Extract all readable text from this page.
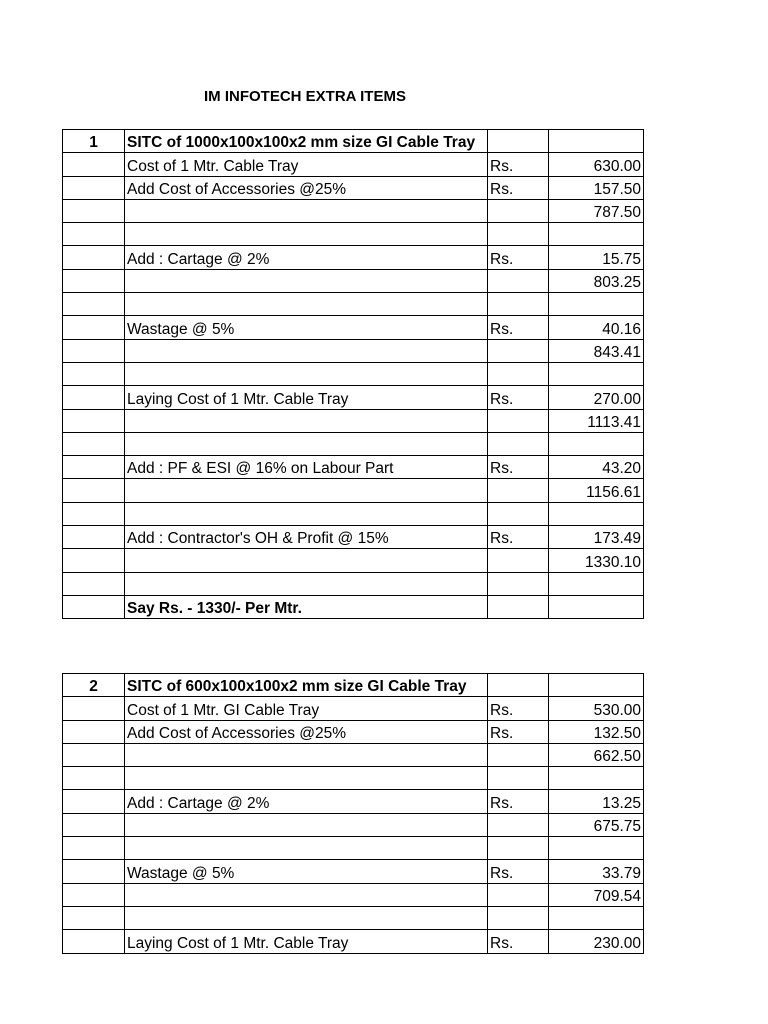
IM INFOTECH EXTRA ITEMS
1	SITC of 1000x100x100x2 mm size GI Cable Tray		
	Cost of 1 Mtr. Cable Tray	Rs.	630.00
	Add Cost of Accessories @25%	Rs.	157.50
			787.50

	Add : Cartage @ 2%	Rs.	15.75
			803.25

	Wastage @ 5%	Rs.	40.16
			843.41

	Laying Cost of 1 Mtr. Cable Tray	Rs.	270.00
			1113.41

	Add : PF & ESI @ 16% on Labour Part	Rs.	43.20
			1156.61

	Add : Contractor's OH & Profit @ 15%	Rs.	173.49
			1330.10

	Say Rs. - 1330/- Per Mtr.		
2	SITC of 600x100x100x2 mm size GI Cable Tray		
	Cost of 1 Mtr. GI Cable Tray	Rs.	530.00
	Add Cost of Accessories @25%	Rs.	132.50
			662.50

	Add : Cartage @ 2%	Rs.	13.25
			675.75

	Wastage @ 5%	Rs.	33.79
			709.54

	Laying Cost of 1 Mtr. Cable Tray	Rs.	230.00
